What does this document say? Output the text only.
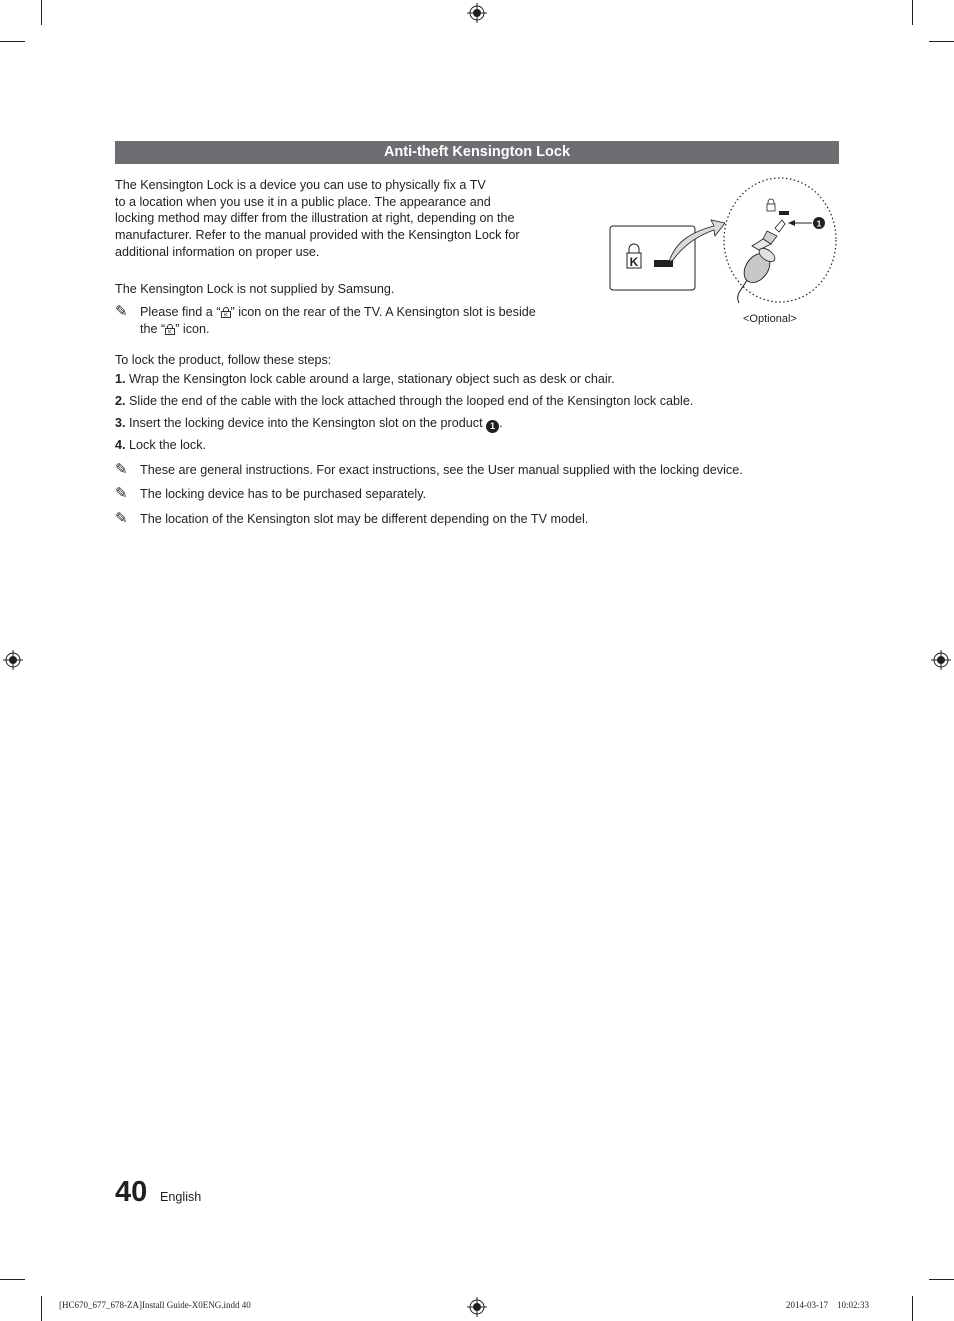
Anti-theft Kensington Lock
The Kensington Lock is a device you can use to physically fix a TV
to a location when you use it in a public place. The appearance and
locking method may differ from the illustration at right, depending on the
manufacturer. Refer to the manual provided with the Kensington Lock for
additional information on proper use.
The Kensington Lock is not supplied by Samsung.
✎ Please find a “ K ” icon on the rear of the TV. A Kensington slot is beside
the “ K ” icon.
K
1
<Optional>
To lock the product, follow these steps:
1. Wrap the Kensington lock cable around a large, stationary object such as desk or chair.
2. Slide the end of the cable with the lock attached through the looped end of the Kensington lock cable.
3. Insert the locking device into the Kensington slot on the product 1 .
4. Lock the lock.
✎ These are general instructions. For exact instructions, see the User manual supplied with the locking device.
✎ The locking device has to be purchased separately.
✎ The location of the Kensington slot may be different depending on the TV model.
40 English
[HC670_677_678-ZA]Install Guide-X0ENG.indd 40	2014-03-17    10:02:33
